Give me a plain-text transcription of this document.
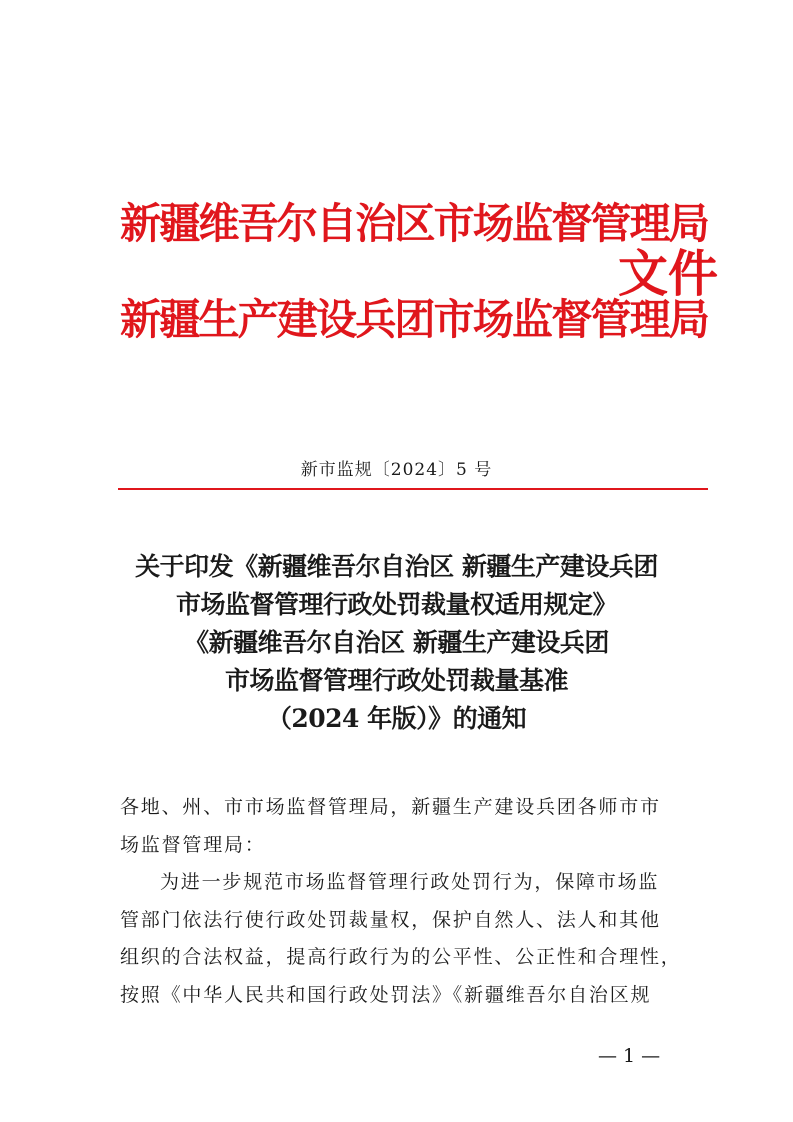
新疆维吾尔自治区市场监督管理局
新疆生产建设兵团市场监督管理局
文件
新市监规〔2024〕5 号
关于印发《新疆维吾尔自治区 新疆生产建设兵团
市场监督管理行政处罚裁量权适用规定》
《新疆维吾尔自治区 新疆生产建设兵团
市场监督管理行政处罚裁量基准
（2024 年版）》的通知
各地、州、市市场监督管理局，新疆生产建设兵团各师市市
场监督管理局：
为进一步规范市场监督管理行政处罚行为，保障市场监
管部门依法行使行政处罚裁量权，保护自然人、法人和其他
组织的合法权益，提高行政行为的公平性、公正性和合理性，
按照《中华人民共和国行政处罚法》《新疆维吾尔自治区规
— 1 —
